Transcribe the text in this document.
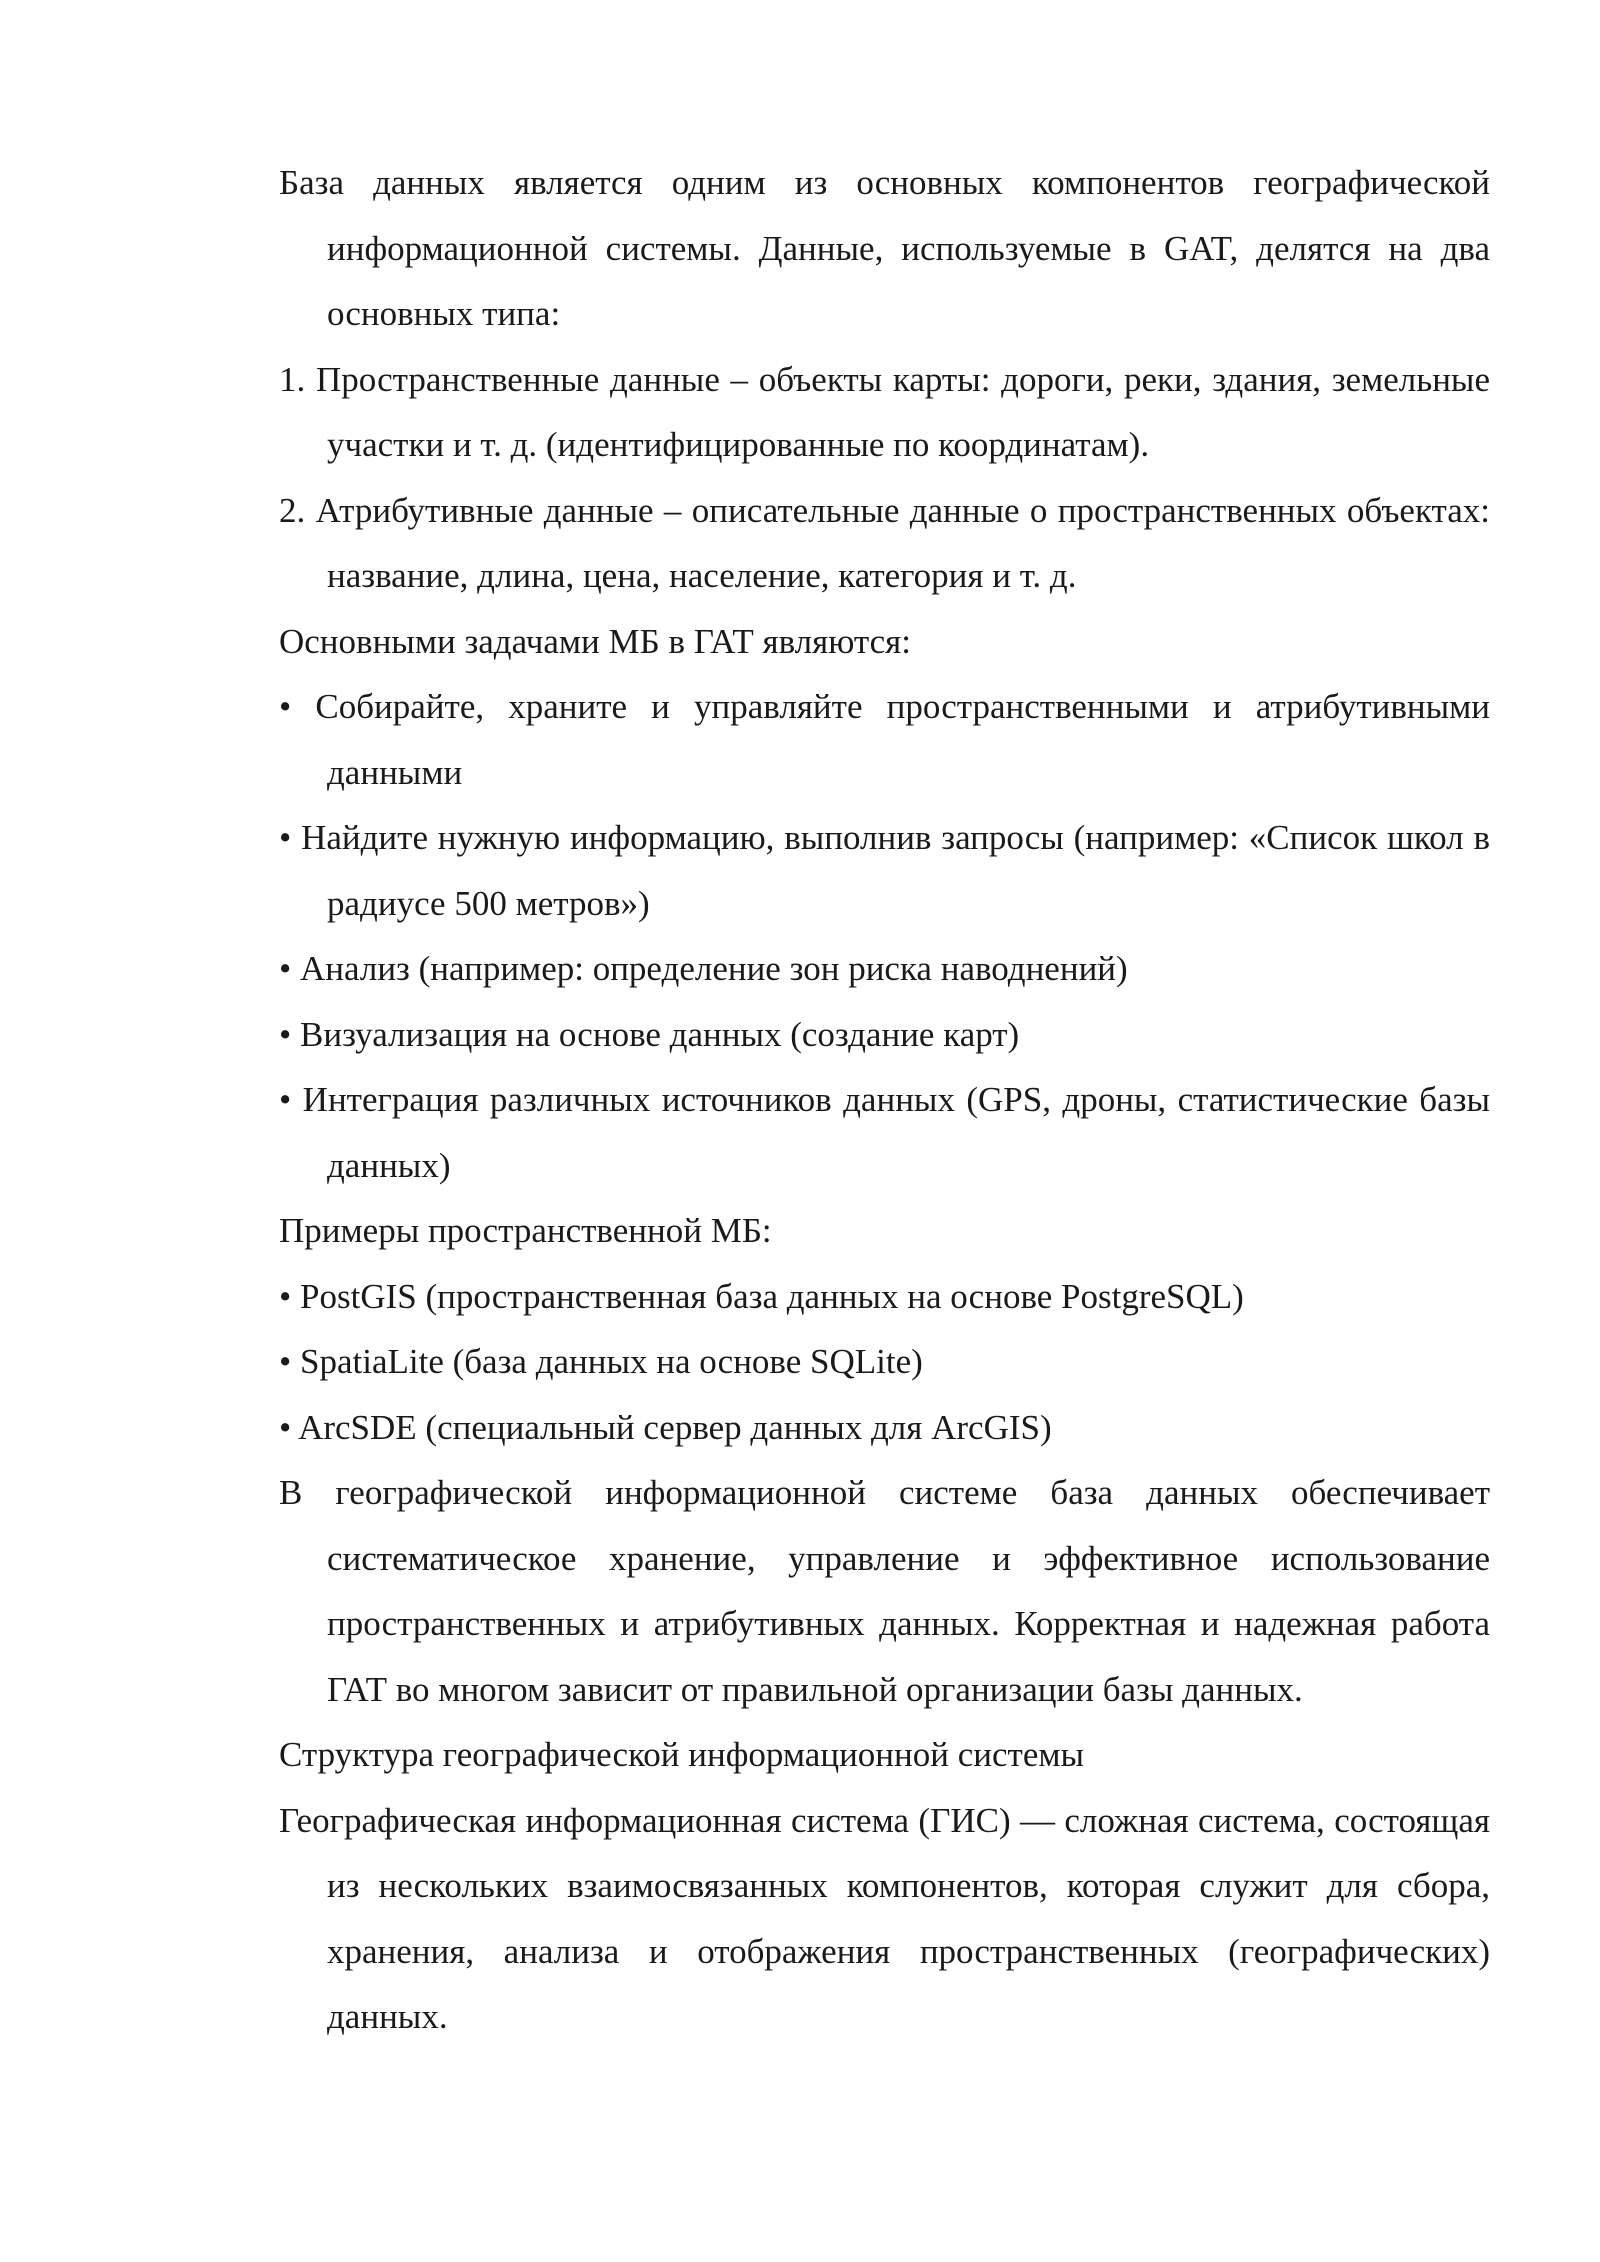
База данных является одним из основных компонентов географической информационной системы. Данные, используемые в GAT, делятся на два основных типа:

1. Пространственные данные – объекты карты: дороги, реки, здания, земельные участки и т. д. (идентифицированные по координатам).

2. Атрибутивные данные – описательные данные о пространственных объектах: название, длина, цена, население, категория и т. д.

Основными задачами МБ в ГАТ являются:

• Собирайте, храните и управляйте пространственными и атрибутивными данными

• Найдите нужную информацию, выполнив запросы (например: «Список школ в радиусе 500 метров»)

• Анализ (например: определение зон риска наводнений)

• Визуализация на основе данных (создание карт)

• Интеграция различных источников данных (GPS, дроны, статистические базы данных)

Примеры пространственной МБ:

• PostGIS (пространственная база данных на основе PostgreSQL)

• SpatiaLite (база данных на основе SQLite)

• ArcSDE (специальный сервер данных для ArcGIS)

В географической информационной системе база данных обеспечивает систематическое хранение, управление и эффективное использование пространственных и атрибутивных данных. Корректная и надежная работа ГАТ во многом зависит от правильной организации базы данных.

Структура географической информационной системы

Географическая информационная система (ГИС) — сложная система, состоящая из нескольких взаимосвязанных компонентов, которая служит для сбора, хранения, анализа и отображения пространственных (географических) данных.
